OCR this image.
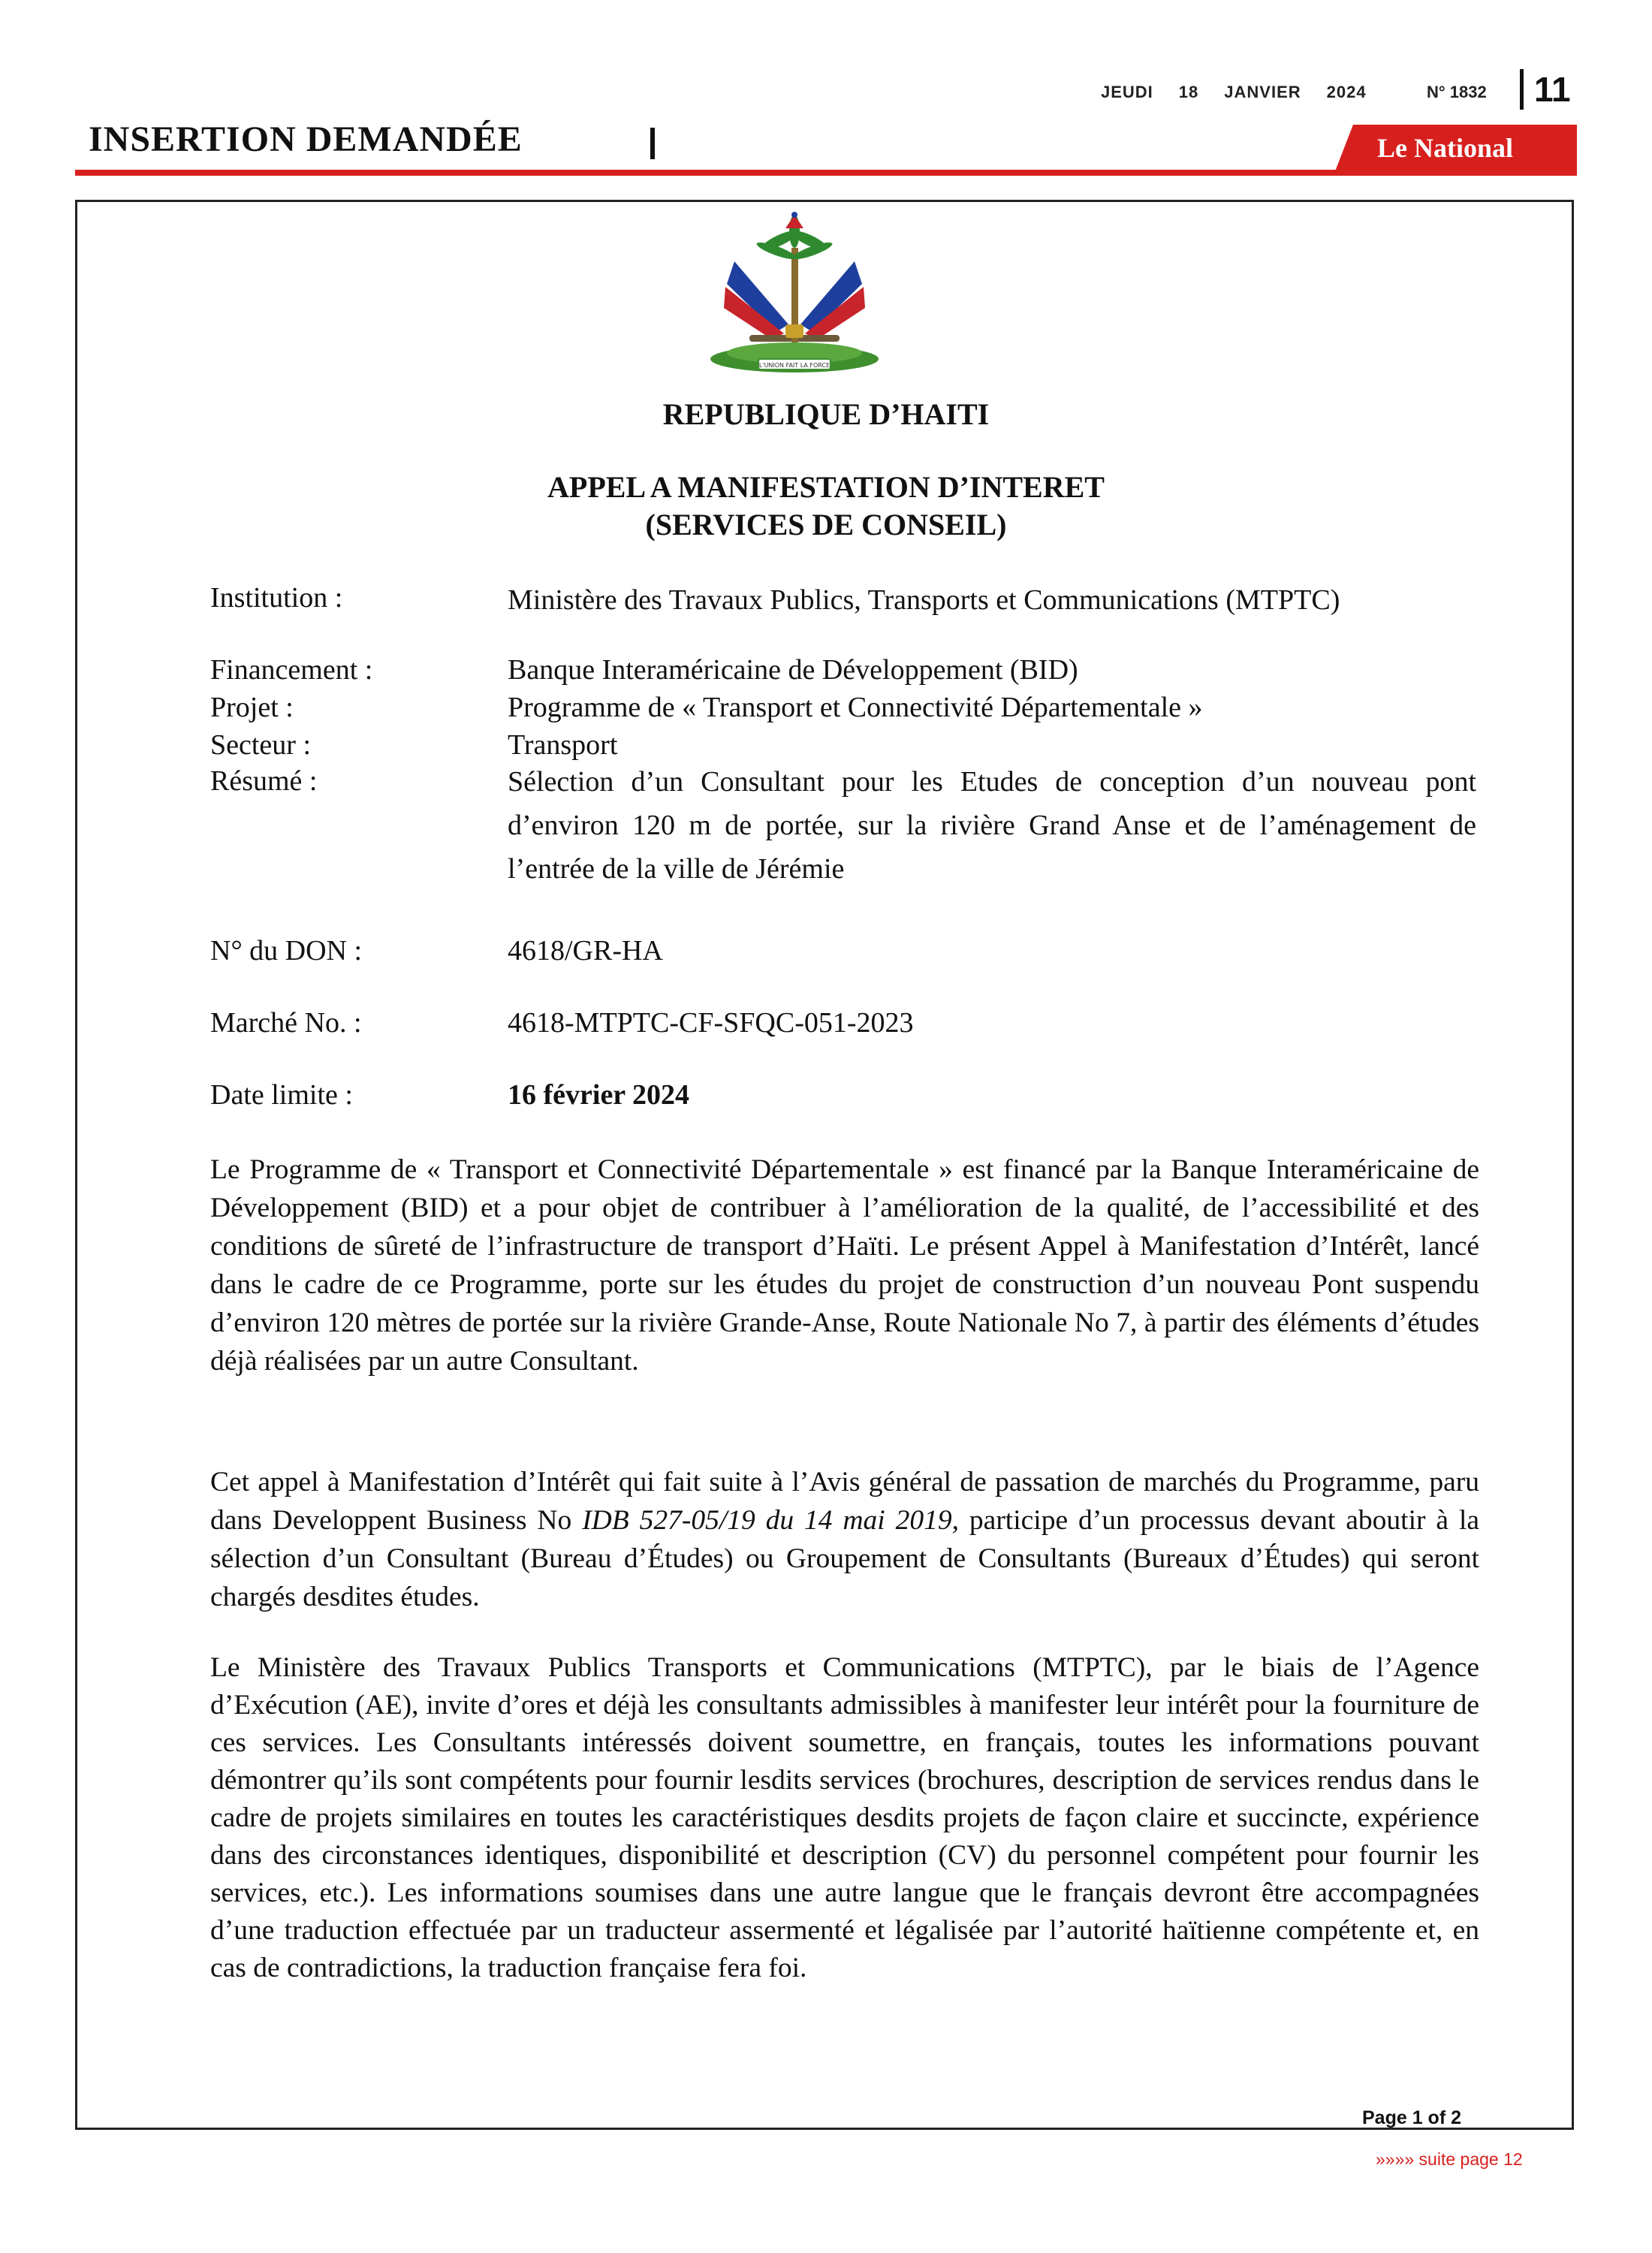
JEUDI 18 JANVIER 2024	N° 1832	11
INSERTION DEMANDÉE	Le National
L'UNION FAIT LA FORCE
REPUBLIQUE D’HAITI
APPEL A MANIFESTATION D’INTERET
(SERVICES DE CONSEIL)
Institution :	Ministère des Travaux Publics, Transports et Communications (MTPTC)
Financement :	Banque Interaméricaine de Développement (BID)
Projet :	Programme de « Transport et Connectivité Départementale »
Secteur :	Transport
Résumé :	Sélection d’un Consultant pour les Etudes de conception d’un nouveau pont d’environ 120 m de portée, sur la rivière Grand Anse et de l’aménagement de l’entrée de la ville de Jérémie
N° du DON :	4618/GR-HA
Marché No. :	4618-MTPTC-CF-SFQC-051-2023
Date limite :	16 février 2024
Le Programme de « Transport et Connectivité Départementale » est financé par la Banque Interaméricaine de Développement (BID) et a pour objet de contribuer à l’amélioration de la qualité, de l’accessibilité et des conditions de sûreté de l’infrastructure de transport d’Haïti. Le présent Appel à Manifestation d’Intérêt, lancé dans le cadre de ce Programme, porte sur les études du projet de construction d’un nouveau Pont suspendu d’environ 120 mètres de portée sur la rivière Grande-Anse, Route Nationale No 7, à partir des éléments d’études déjà réalisées par un autre Consultant.
Cet appel à Manifestation d’Intérêt qui fait suite à l’Avis général de passation de marchés du Programme, paru dans Developpent Business No IDB 527-05/19 du 14 mai 2019, participe d’un processus devant aboutir à la sélection d’un Consultant (Bureau d’Études) ou Groupement de Consultants (Bureaux d’Études) qui seront chargés desdites études.
Le Ministère des Travaux Publics Transports et Communications (MTPTC), par le biais de l’Agence d’Exécution (AE), invite d’ores et déjà les consultants admissibles à manifester leur intérêt pour la fourniture de ces services. Les Consultants intéressés doivent soumettre, en français, toutes les informations pouvant démontrer qu’ils sont compétents pour fournir lesdits services (brochures, description de services rendus dans le cadre de projets similaires en toutes les caractéristiques desdits projets de façon claire et succincte, expérience dans des circonstances identiques, disponibilité et description (CV) du personnel compétent pour fournir les services, etc.). Les informations soumises dans une autre langue que le français devront être accompagnées d’une traduction effectuée par un traducteur assermenté et légalisée par l’autorité haïtienne compétente et, en cas de contradictions, la traduction française fera foi.
Page 1 of 2
»»»» suite page 12
